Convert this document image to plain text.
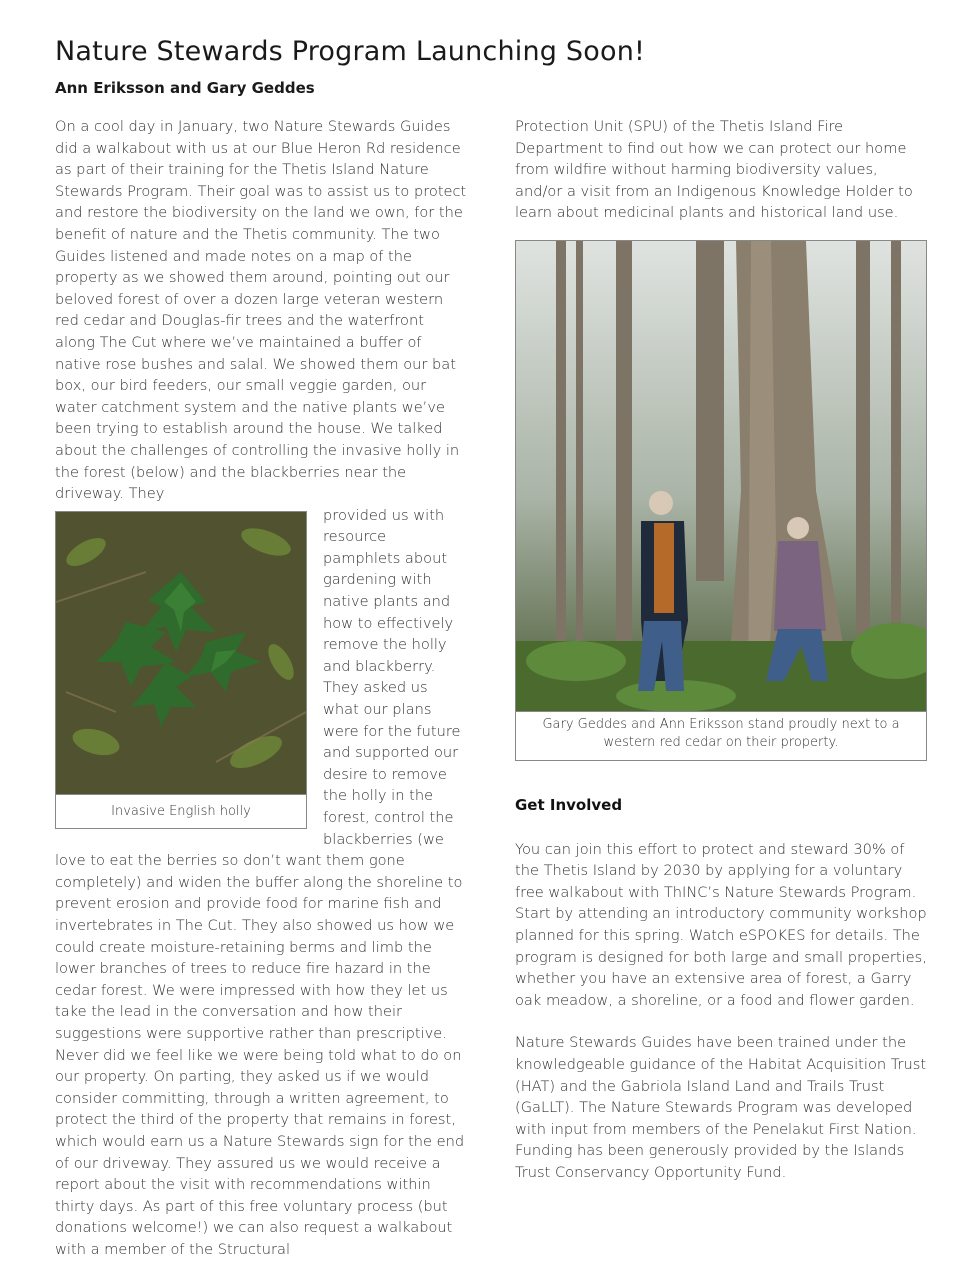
Nature Stewards Program Launching Soon!
Ann Eriksson and Gary Geddes

On a cool day in January, two Nature Stewards Guides did a walkabout with us at our Blue Heron Rd residence as part of their training for the Thetis Island Nature Stewards Program. Their goal was to assist us to protect and restore the biodiversity on the land we own, for the benefit of nature and the Thetis community. The two Guides listened and made notes on a map of the property as we showed them around, pointing out our beloved forest of over a dozen large veteran western red cedar and Douglas-fir trees and the waterfront along The Cut where we’ve maintained a buffer of native rose bushes and salal. We showed them our bat box, our bird feeders, our small veggie garden, our water catchment system and the native plants we’ve been trying to establish around the house. We talked about the challenges of controlling the invasive holly in the forest (below) and the blackberries near the driveway. They

Invasive English holly

provided us with resource pamphlets about gardening with native plants and how to effectively remove the holly and blackberry. They asked us what our plans were for the future and supported our desire to remove the holly in the forest, control the blackberries (we love to eat the berries so don’t want them gone completely) and widen the buffer along the shoreline to prevent erosion and provide food for marine fish and invertebrates in The Cut. They also showed us how we could create moisture-retaining berms and limb the lower branches of trees to reduce fire hazard in the cedar forest. We were impressed with how they let us take the lead in the conversation and how their suggestions were supportive rather than prescriptive. Never did we feel like we were being told what to do on our property. On parting, they asked us if we would consider committing, through a written agreement, to protect the third of the property that remains in forest, which would earn us a Nature Stewards sign for the end of our driveway. They assured us we would receive a report about the visit with recommendations within thirty days. As part of this free voluntary process (but donations welcome!) we can also request a walkabout with a member of the Structural

Protection Unit (SPU) of the Thetis Island Fire Department to find out how we can protect our home from wildfire without harming biodiversity values, and/or a visit from an Indigenous Knowledge Holder to learn about medicinal plants and historical land use.

Gary Geddes and Ann Eriksson stand proudly next to a western red cedar on their property.
Get Involved

You can join this effort to protect and steward 30% of the Thetis Island by 2030 by applying for a voluntary free walkabout with ThINC’s Nature Stewards Program. Start by attending an introductory community workshop planned for this spring. Watch eSPOKES for details. The program is designed for both large and small properties, whether you have an extensive area of forest, a Garry oak meadow, a shoreline, or a food and flower garden.

Nature Stewards Guides have been trained under the knowledgeable guidance of the Habitat Acquisition Trust (HAT) and the Gabriola Island Land and Trails Trust (GaLLT). The Nature Stewards Program was developed with input from members of the Penelakut First Nation. Funding has been generously provided by the Islands Trust Conservancy Opportunity Fund.
